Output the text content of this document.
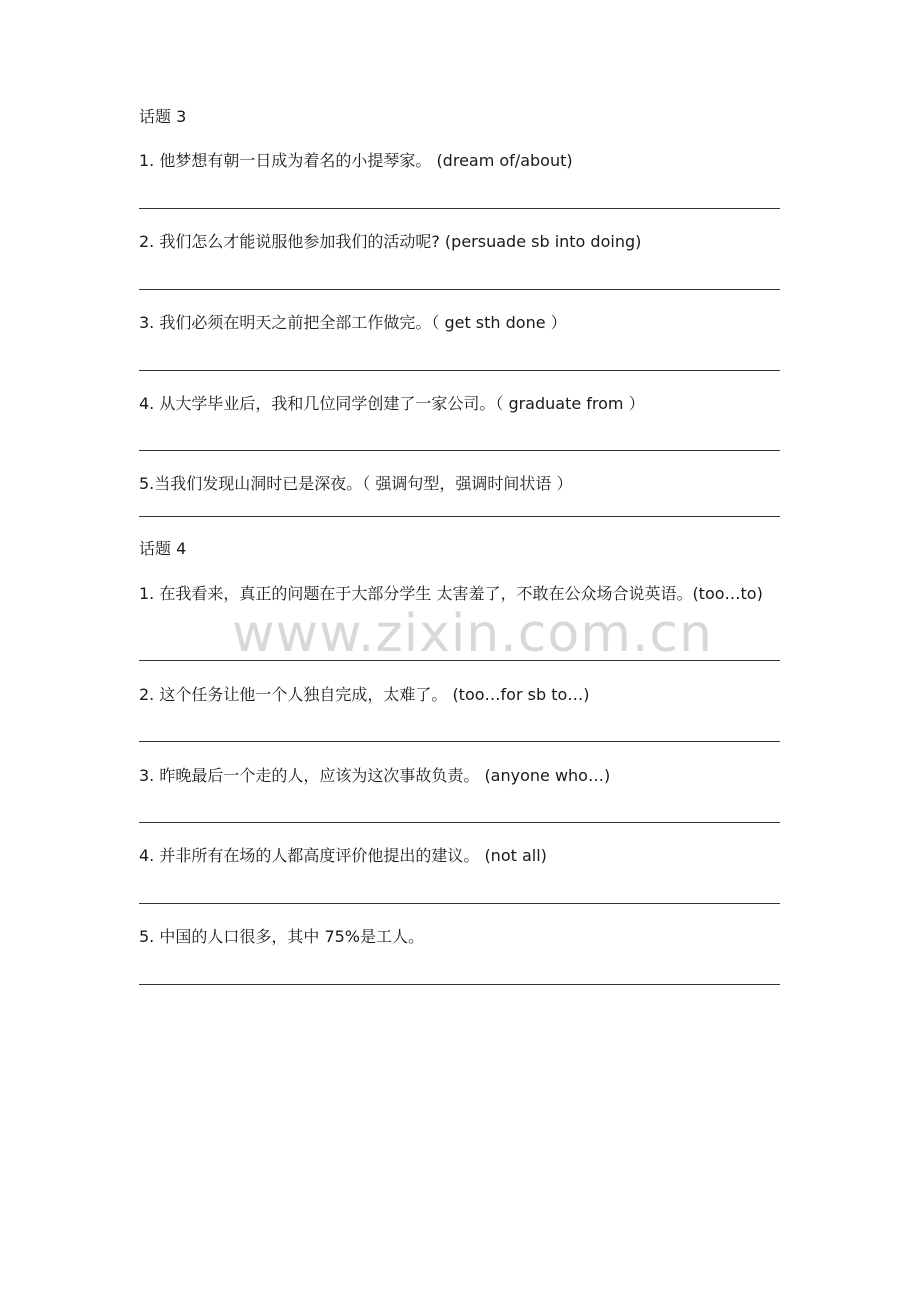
话题 3
1. 他梦想有朝一日成为着名的小提琴家。 (dream of/about)
2. 我们怎么才能说服他参加我们的活动呢? (persuade sb into doing)
3. 我们必须在明天之前把全部工作做完。（ get sth done ）
4. 从大学毕业后，我和几位同学创建了一家公司。（ graduate from ）
5.当我们发现山洞时已是深夜。（ 强调句型，强调时间状语 ）
话题 4
1. 在我看来，真正的问题在于大部分学生 太害羞了，不敢在公众场合说英语。(too…to)
2. 这个任务让他一个人独自完成，太难了。 (too…for sb to…)
3. 昨晚最后一个走的人，应该为这次事故负责。 (anyone who…)
4. 并非所有在场的人都高度评价他提出的建议。 (not all)
5. 中国的人口很多，其中 75%是工人。
www.zixin.com.cn
